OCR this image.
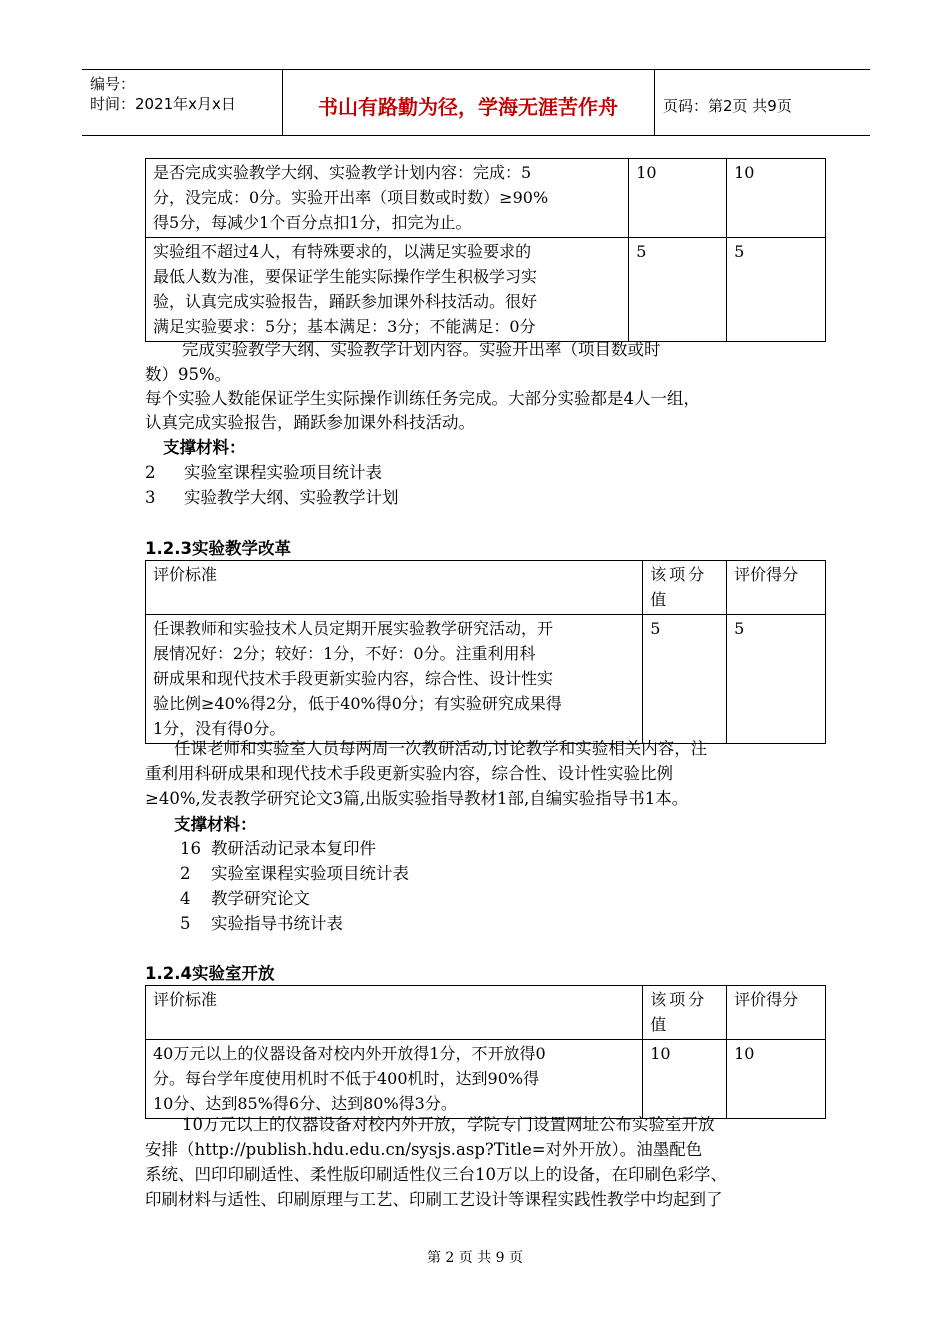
编号：
时间：2021年x月x日	书山有路勤为径，学海无涯苦作舟	页码：第2页 共9页
是否完成实验教学大纲、实验教学计划内容：完成：5
分，没完成：0分。实验开出率（项目数或时数）≥90%
得5分，每减少1个百分点扣1分，扣完为止。	10	10

实验组不超过4人，有特殊要求的，以满足实验要求的
最低人数为准，要保证学生能实际操作学生积极学习实
验，认真完成实验报告，踊跃参加课外科技活动。很好
满足实验要求：5分；基本满足：3分；不能满足：0分	5	5
完成实验教学大纲、实验教学计划内容。实验开出率（项目数或时
数）95%。
每个实验人数能保证学生实际操作训练任务完成。大部分实验都是4人一组，
认真完成实验报告，踊跃参加课外科技活动。
支撑材料：
2 实验室课程实验项目统计表
3 实验教学大纲、实验教学计划
1.2.3实验教学改革
评价标准	该项分
值	评价得分

任课教师和实验技术人员定期开展实验教学研究活动，开
展情况好：2分；较好：1分，不好：0分。注重利用科
研成果和现代技术手段更新实验内容，综合性、设计性实
验比例≥40%得2分，低于40%得0分；有实验研究成果得
1分，没有得0分。	5	5
任课老师和实验室人员每两周一次教研活动,讨论教学和实验相关内容，注
重利用科研成果和现代技术手段更新实验内容，综合性、设计性实验比例
≥40%,发表教学研究论文3篇,出版实验指导教材1部,自编实验指导书1本。
支撑材料：
16 教研活动记录本复印件
2 实验室课程实验项目统计表
4 教学研究论文
5 实验指导书统计表
1.2.4实验室开放
评价标准	该项分
值	评价得分

40万元以上的仪器设备对校内外开放得1分，不开放得0
分。每台学年度使用机时不低于400机时，达到90%得
10分、达到85%得6分、达到80%得3分。	10	10
10万元以上的仪器设备对校内外开放，学院专门设置网址公布实验室开放
安排（http://publish.hdu.edu.cn/sysjs.asp?Title=对外开放）。油墨配色
系统、凹印印刷适性、柔性版印刷适性仪三台10万以上的设备，在印刷色彩学、
印刷材料与适性、印刷原理与工艺、印刷工艺设计等课程实践性教学中均起到了
第 2 页 共 9 页
